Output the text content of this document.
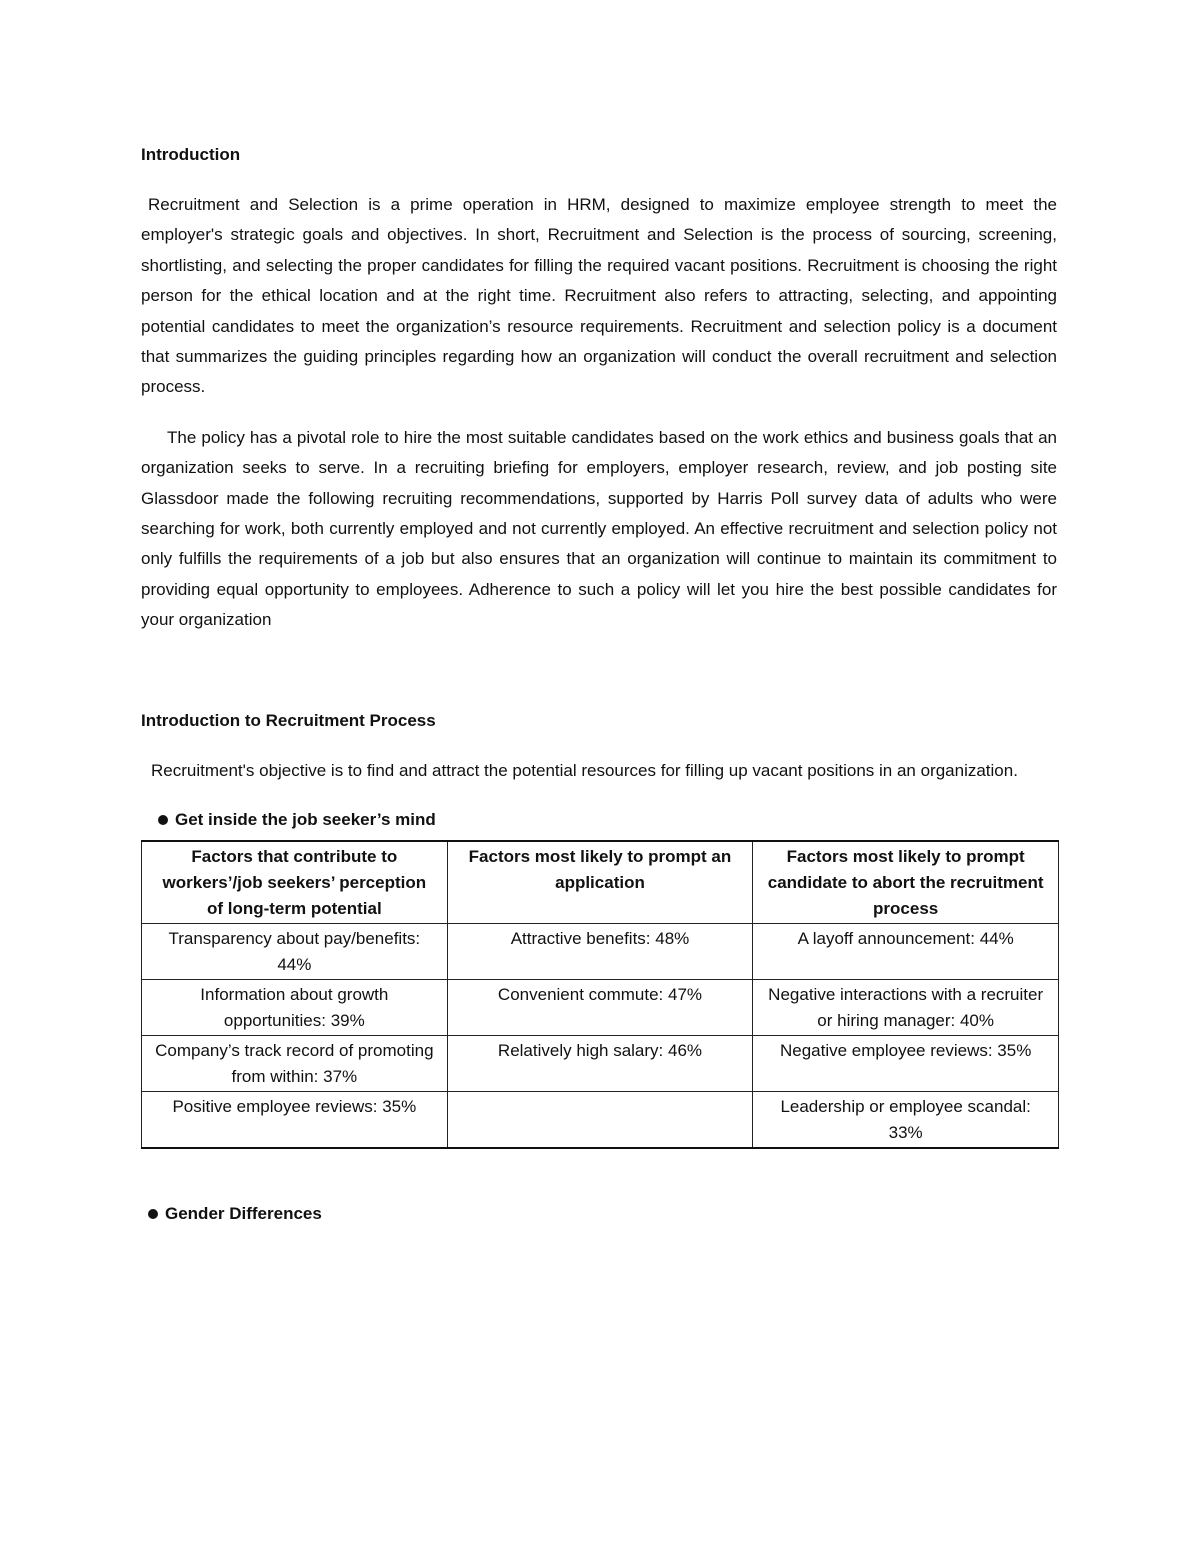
Introduction

Recruitment and Selection is a prime operation in HRM, designed to maximize employee strength to meet the employer's strategic goals and objectives. In short, Recruitment and Selection is the process of sourcing, screening, shortlisting, and selecting the proper candidates for filling the required vacant positions. Recruitment is choosing the right person for the ethical location and at the right time. Recruitment also refers to attracting, selecting, and appointing potential candidates to meet the organization’s resource requirements. Recruitment and selection policy is a document that summarizes the guiding principles regarding how an organization will conduct the overall recruitment and selection process.

The policy has a pivotal role to hire the most suitable candidates based on the work ethics and business goals that an organization seeks to serve. In a recruiting briefing for employers, employer research, review, and job posting site Glassdoor made the following recruiting recommendations, supported by Harris Poll survey data of adults who were searching for work, both currently employed and not currently employed. An effective recruitment and selection policy not only fulfills the requirements of a job but also ensures that an organization will continue to maintain its commitment to providing equal opportunity to employees. Adherence to such a policy will let you hire the best possible candidates for your organization

Introduction to Recruitment Process

Recruitment's objective is to find and attract the potential resources for filling up vacant positions in an organization.

Get inside the job seeker’s mind
Factors that contribute to workers’/job seekers’ perception of long-term potential	Factors most likely to prompt an application	Factors most likely to prompt candidate to abort the recruitment process
Transparency about pay/benefits: 44%	Attractive benefits: 48%	A layoff announcement: 44%
Information about growth opportunities: 39%	Convenient commute: 47%	Negative interactions with a recruiter or hiring manager: 40%
Company’s track record of promoting from within: 37%	Relatively high salary: 46%	Negative employee reviews: 35%
Positive employee reviews: 35%		Leadership or employee scandal: 33%
Gender Differences
